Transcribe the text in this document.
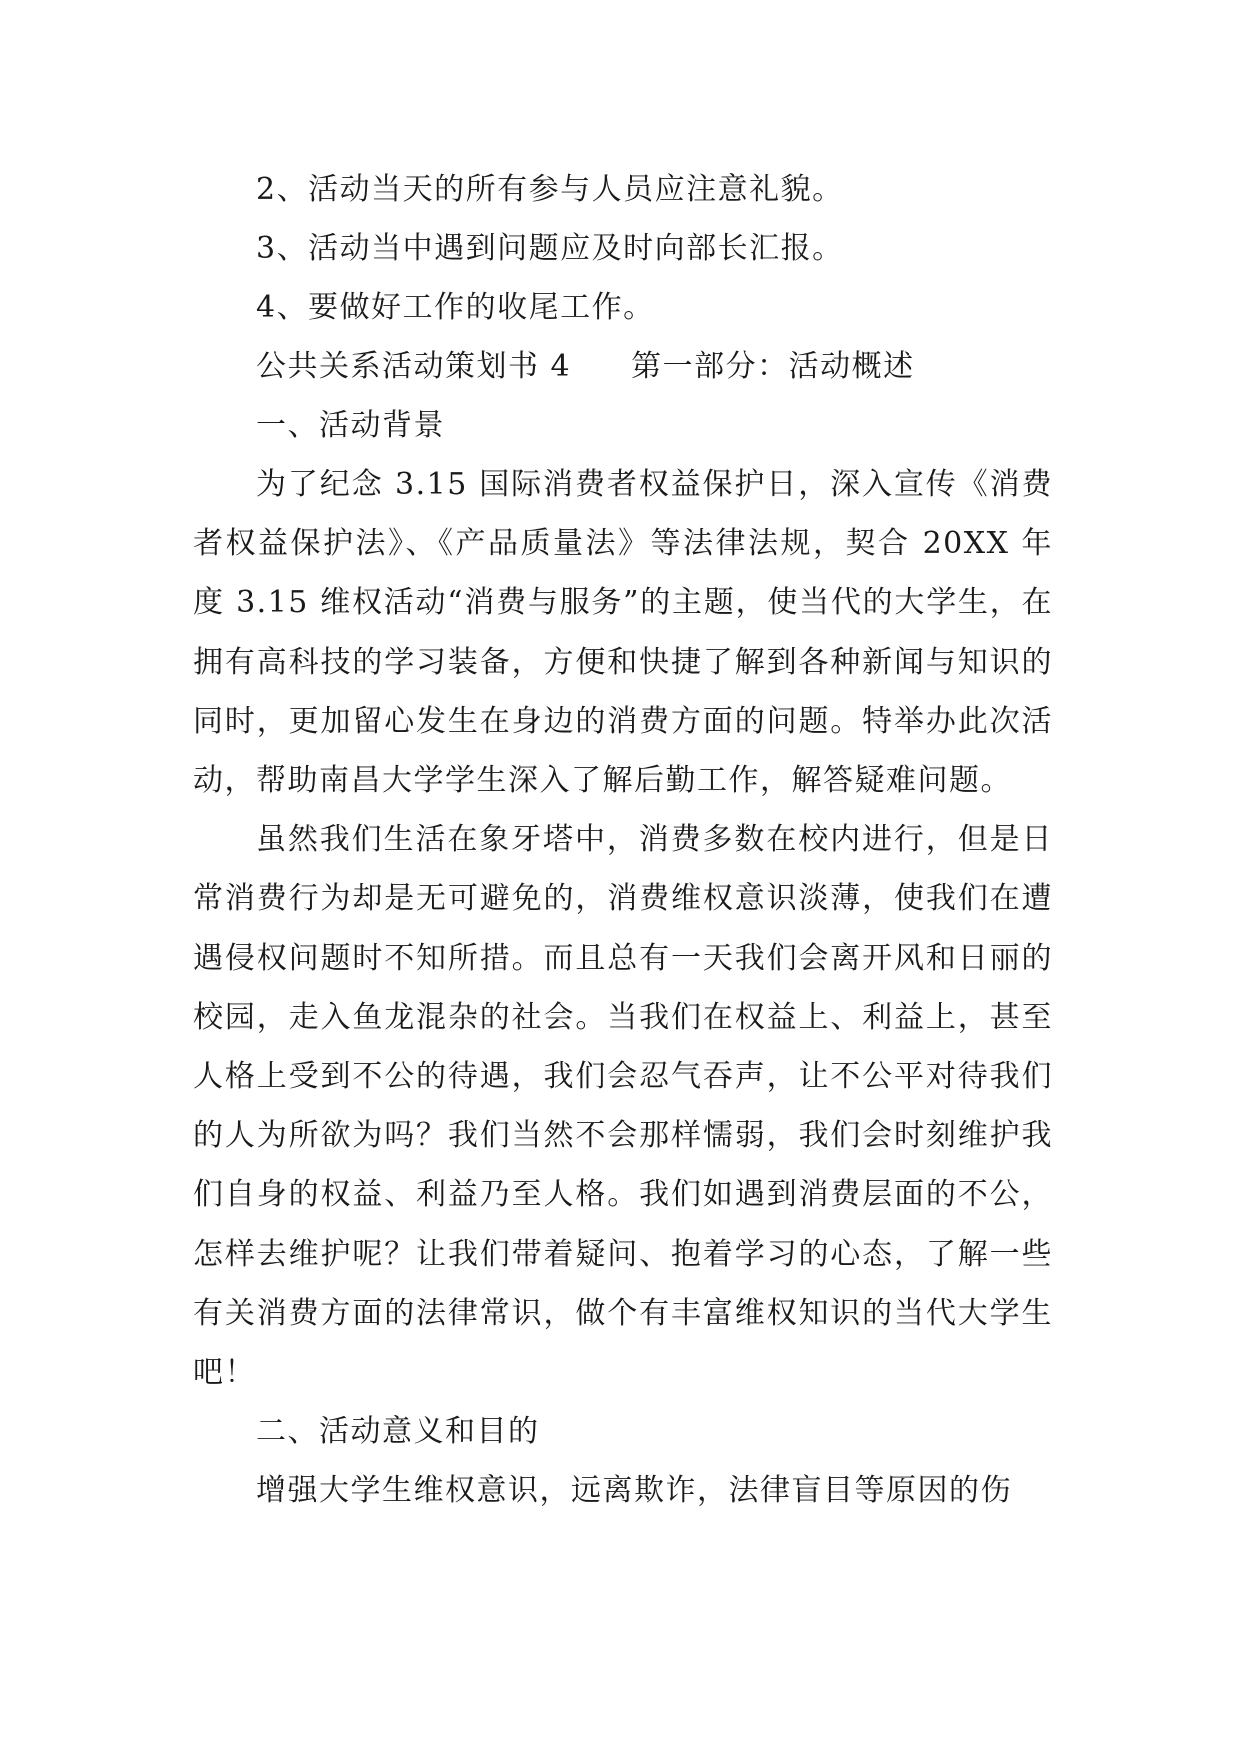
2、活动当天的所有参与人员应注意礼貌。
3、活动当中遇到问题应及时向部长汇报。
4、要做好工作的收尾工作。
公共关系活动策划书 4 第一部分：活动概述
一、活动背景

为了纪念 3.15 国际消费者权益保护日，深入宣传《消费者权益保护法》、《产品质量法》等法律法规，契合 20XX 年度 3.15 维权活动“消费与服务”的主题，使当代的大学生，在拥有高科技的学习装备，方便和快捷了解到各种新闻与知识的同时，更加留心发生在身边的消费方面的问题。特举办此次活动，帮助南昌大学学生深入了解后勤工作，解答疑难问题。

虽然我们生活在象牙塔中，消费多数在校内进行，但是日常消费行为却是无可避免的，消费维权意识淡薄，使我们在遭遇侵权问题时不知所措。而且总有一天我们会离开风和日丽的校园，走入鱼龙混杂的社会。当我们在权益上、利益上，甚至人格上受到不公的待遇，我们会忍气吞声，让不公平对待我们的人为所欲为吗？我们当然不会那样懦弱，我们会时刻维护我们自身的权益、利益乃至人格。我们如遇到消费层面的不公，怎样去维护呢？让我们带着疑问、抱着学习的心态，了解一些有关消费方面的法律常识，做个有丰富维权知识的当代大学生吧！

二、活动意义和目的

增强大学生维权意识，远离欺诈，法律盲目等原因的伤
